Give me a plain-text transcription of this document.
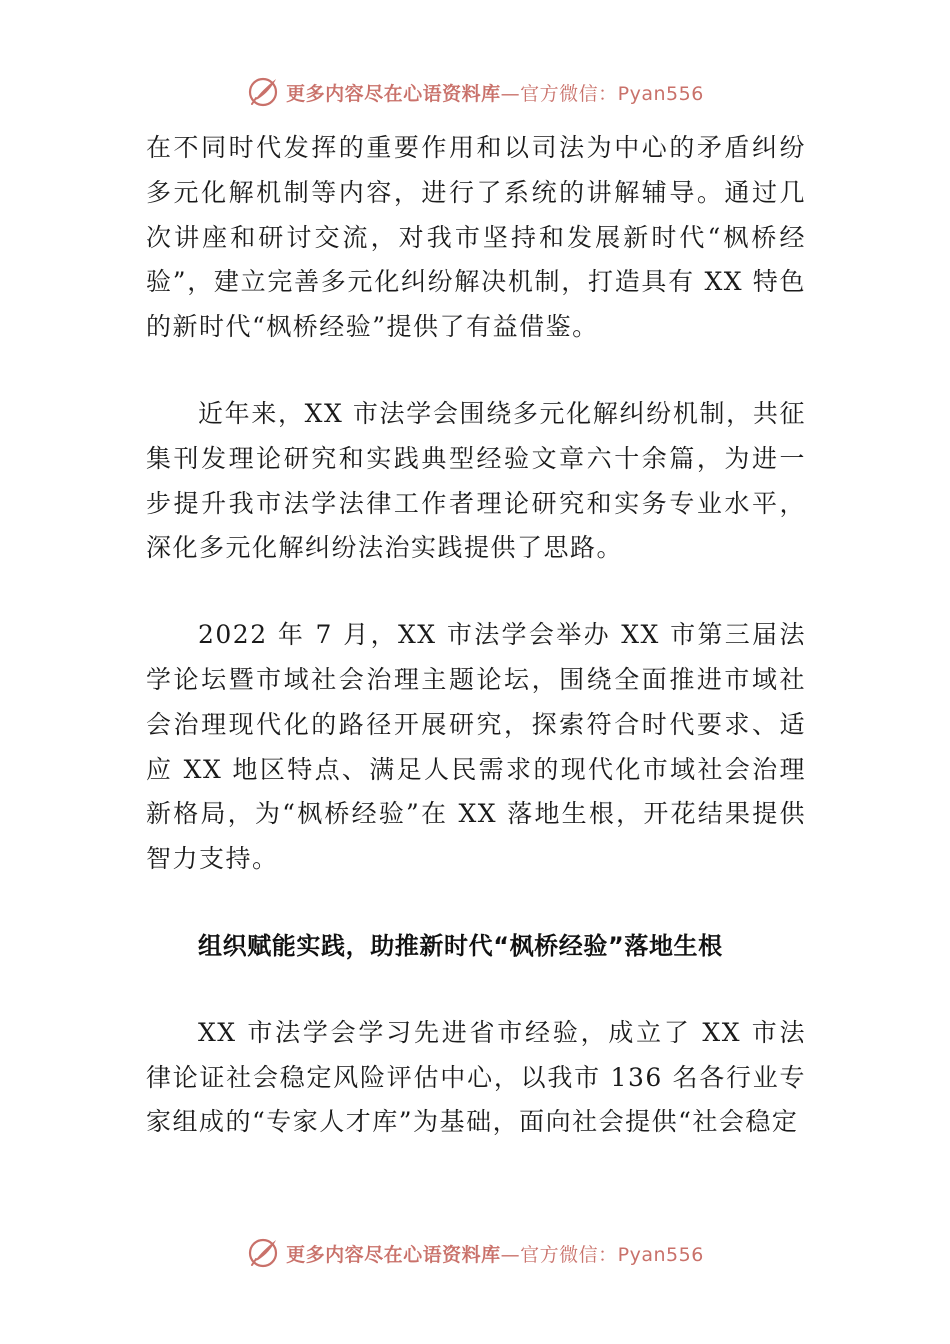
更多内容尽在心语资料库 —官方微信：Pyan556

在不同时代发挥的重要作用和以司法为中心的矛盾纠纷多元化解机制等内容，进行了系统的讲解辅导。通过几次讲座和研讨交流，对我市坚持和发展新时代“枫桥经验”，建立完善多元化纠纷解决机制，打造具有 XX 特色的新时代“枫桥经验”提供了有益借鉴。

近年来，XX 市法学会围绕多元化解纠纷机制，共征集刊发理论研究和实践典型经验文章六十余篇，为进一步提升我市法学法律工作者理论研究和实务专业水平，深化多元化解纠纷法治实践提供了思路。

2022 年 7 月，XX 市法学会举办 XX 市第三届法学论坛暨市域社会治理主题论坛，围绕全面推进市域社会治理现代化的路径开展研究，探索符合时代要求、适应 XX 地区特点、满足人民需求的现代化市域社会治理新格局，为“枫桥经验”在 XX 落地生根，开花结果提供智力支持。

组织赋能实践，助推新时代“枫桥经验”落地生根

XX 市法学会学习先进省市经验，成立了 XX 市法律论证社会稳定风险评估中心，以我市 136 名各行业专家组成的“专家人才库”为基础，面向社会提供“社会稳定

更多内容尽在心语资料库 —官方微信：Pyan556
